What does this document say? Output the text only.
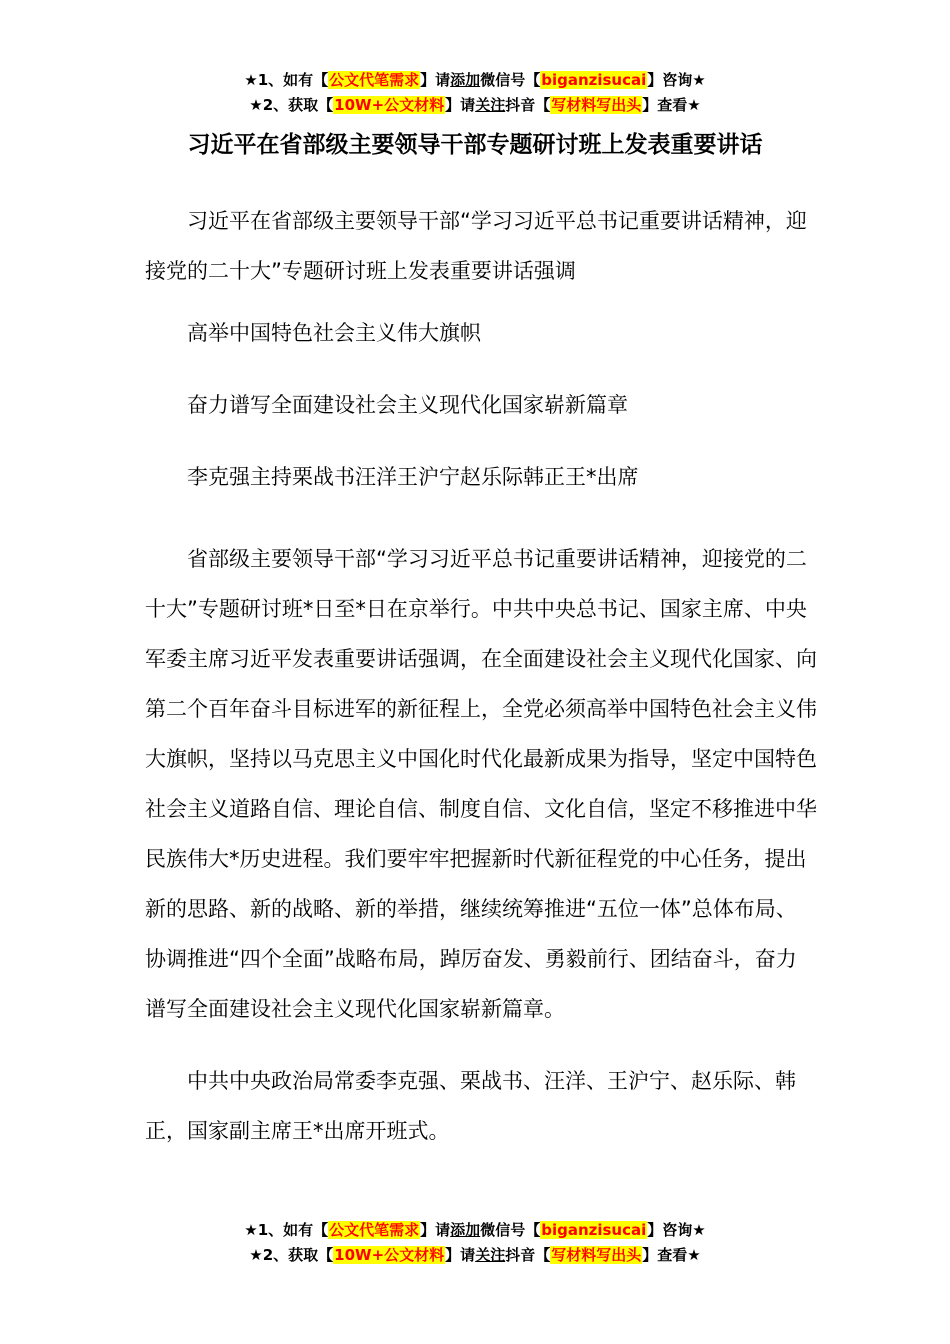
★1、如有【公文代笔需求】请添加微信号【biganzisucai】咨询★
★2、获取【10W+公文材料】请关注抖音【写材料写出头】查看★
习近平在省部级主要领导干部专题研讨班上发表重要讲话

习近平在省部级主要领导干部“学习习近平总书记重要讲话精神，迎接党的二十大”专题研讨班上发表重要讲话强调

高举中国特色社会主义伟大旗帜

奋力谱写全面建设社会主义现代化国家崭新篇章

李克强主持栗战书汪洋王沪宁赵乐际韩正王*出席

省部级主要领导干部“学习习近平总书记重要讲话精神，迎接党的二十大”专题研讨班*日至*日在京举行。中共中央总书记、国家主席、中央军委主席习近平发表重要讲话强调，在全面建设社会主义现代化国家、向第二个百年奋斗目标进军的新征程上，全党必须高举中国特色社会主义伟大旗帜，坚持以马克思主义中国化时代化最新成果为指导，坚定中国特色社会主义道路自信、理论自信、制度自信、文化自信，坚定不移推进中华民族伟大*历史进程。我们要牢牢把握新时代新征程党的中心任务，提出新的思路、新的战略、新的举措，继续统筹推进“五位一体”总体布局、协调推进“四个全面”战略布局，踔厉奋发、勇毅前行、团结奋斗，奋力谱写全面建设社会主义现代化国家崭新篇章。

中共中央政治局常委李克强、栗战书、汪洋、王沪宁、赵乐际、韩正，国家副主席王*出席开班式。

★1、如有【公文代笔需求】请添加微信号【biganzisucai】咨询★
★2、获取【10W+公文材料】请关注抖音【写材料写出头】查看★
